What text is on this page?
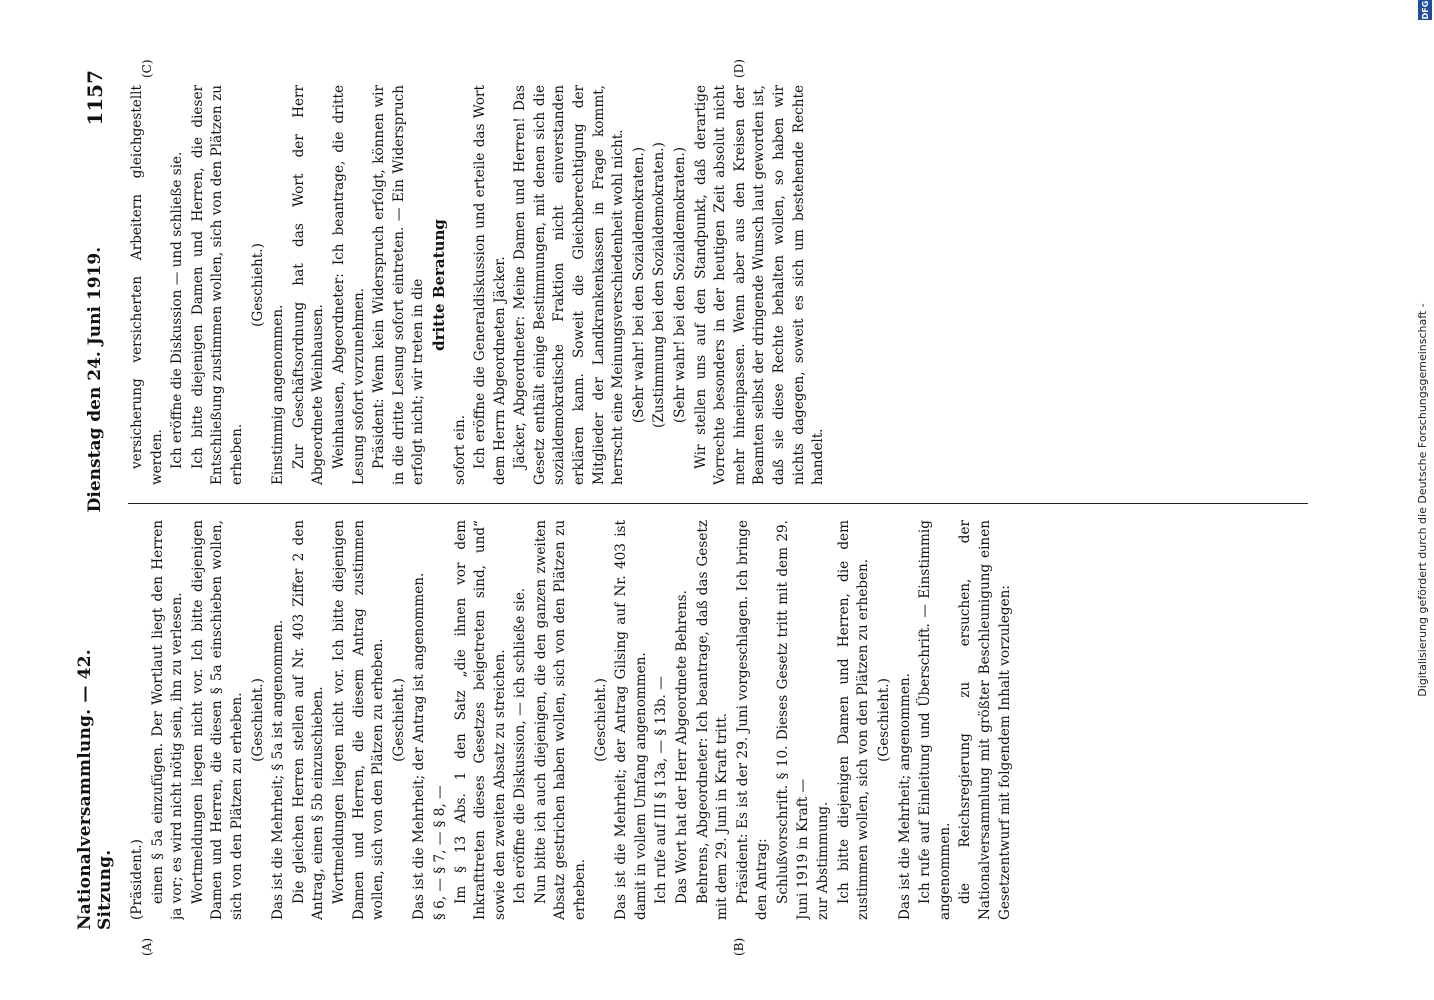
Nationalversammlung. — 42. Sitzung.
Dienstag den 24. Juni 1919.
1157
(A)	(B)
(C)	(D)

(Präsident.) einen § 5a einzufügen. Der Wortlaut liegt den Herren ja vor; es wird nicht nötig sein, ihn zu verlesen. Wortmeldungen liegen nicht vor. Ich bitte diejenigen Damen und Herren, die diesen § 5a einschieben wollen, sich von den Plätzen zu erheben. (Geschieht.) Das ist die Mehrheit; § 5a ist angenommen. Die gleichen Herren stellen auf Nr. 403 Ziffer 2 den Antrag, einen § 5b einzuschieben. Wortmeldungen liegen nicht vor. Ich bitte diejenigen Damen und Herren, die diesem Antrag zustimmen wollen, sich von den Plätzen zu erheben. (Geschieht.) Das ist die Mehrheit; der Antrag ist angenommen. § 6, — § 7, — § 8, — Im § 13 Abs. 1 den Satz „die ihnen vor dem Inkrafttreten dieses Gesetzes beigetreten sind, und“ sowie den zweiten Absatz zu streichen. Ich eröffne die Diskussion, — ich schließe sie. Nun bitte ich auch diejenigen, die den ganzen zweiten Absatz gestrichen haben wollen, sich von den Plätzen zu erheben.

(Geschieht.) Das ist die Mehrheit; der Antrag Gilsing auf Nr. 403 ist damit in vollem Umfang angenommen. Ich rufe auf III § 13a, — § 13b. — Das Wort hat der Herr Abgeordnete Behrens. Behrens, Abgeordneter: Ich beantrage, daß das Gesetz mit dem 29. Juni in Kraft tritt. Präsident: Es ist der 29. Juni vorgeschlagen. Ich bringe den Antrag: Schlußvorschrift. § 10. Dieses Gesetz tritt mit dem 29. Juni 1919 in Kraft — zur Abstimmung. Ich bitte diejenigen Damen und Herren, die dem zustimmen wollen, sich von den Plätzen zu erheben. (Geschieht.) Das ist die Mehrheit; angenommen. Ich rufe auf Einleitung und Überschrift. — Einstimmig angenommen. die Reichsregierung zu ersuchen, der Nationalversammlung mit größter Beschleunigung einen Gesetzentwurf mit folgendem Inhalt vorzulegen:

versicherung versicherten Arbeitern gleichgestellt werden. Ich eröffne die Diskussion — und schließe sie. Ich bitte diejenigen Damen und Herren, die dieser Entschließung zustimmen wollen, sich von den Plätzen zu erheben.

(Geschieht.)

Einstimmig angenommen. Zur Geschäftsordnung hat das Wort der Herr Abgeordnete Weinhausen. Weinhausen, Abgeordneter: Ich beantrage, die dritte Lesung sofort vorzunehmen. Präsident: Wenn kein Widerspruch erfolgt, können wir in die dritte Lesung sofort eintreten. — Ein Widerspruch erfolgt nicht; wir treten in die dritte Beratung

sofort ein. Ich eröffne die Generaldiskussion und erteile das Wort dem Herrn Abgeordneten Jäcker. Jäcker, Abgeordneter: Meine Damen und Herren! Das Gesetz enthält einige Bestimmungen, mit denen sich die sozialdemokratische Fraktion nicht einverstanden erklären kann. Soweit die Gleichberechtigung der Mitglieder der Landkrankenkassen in Frage kommt, herrscht eine Meinungsverschiedenheit wohl nicht. (Sehr wahr! bei den Sozialdemokraten.) (Zustimmung bei den Sozialdemokraten.) (Sehr wahr! bei den Sozialdemokraten.) Wir stellen uns auf den Standpunkt, daß derartige Vorrechte besonders in der heutigen Zeit absolut nicht mehr hineinpassen. Wenn aber aus den Kreisen der Beamten selbst der dringende Wunsch laut geworden ist, daß sie diese Rechte behalten wollen, so haben wir nichts dagegen, soweit es sich um bestehende Rechte handelt.	Digitalisierung gefördert durch die Deutsche Forschungsgemeinschaft -
DFG
